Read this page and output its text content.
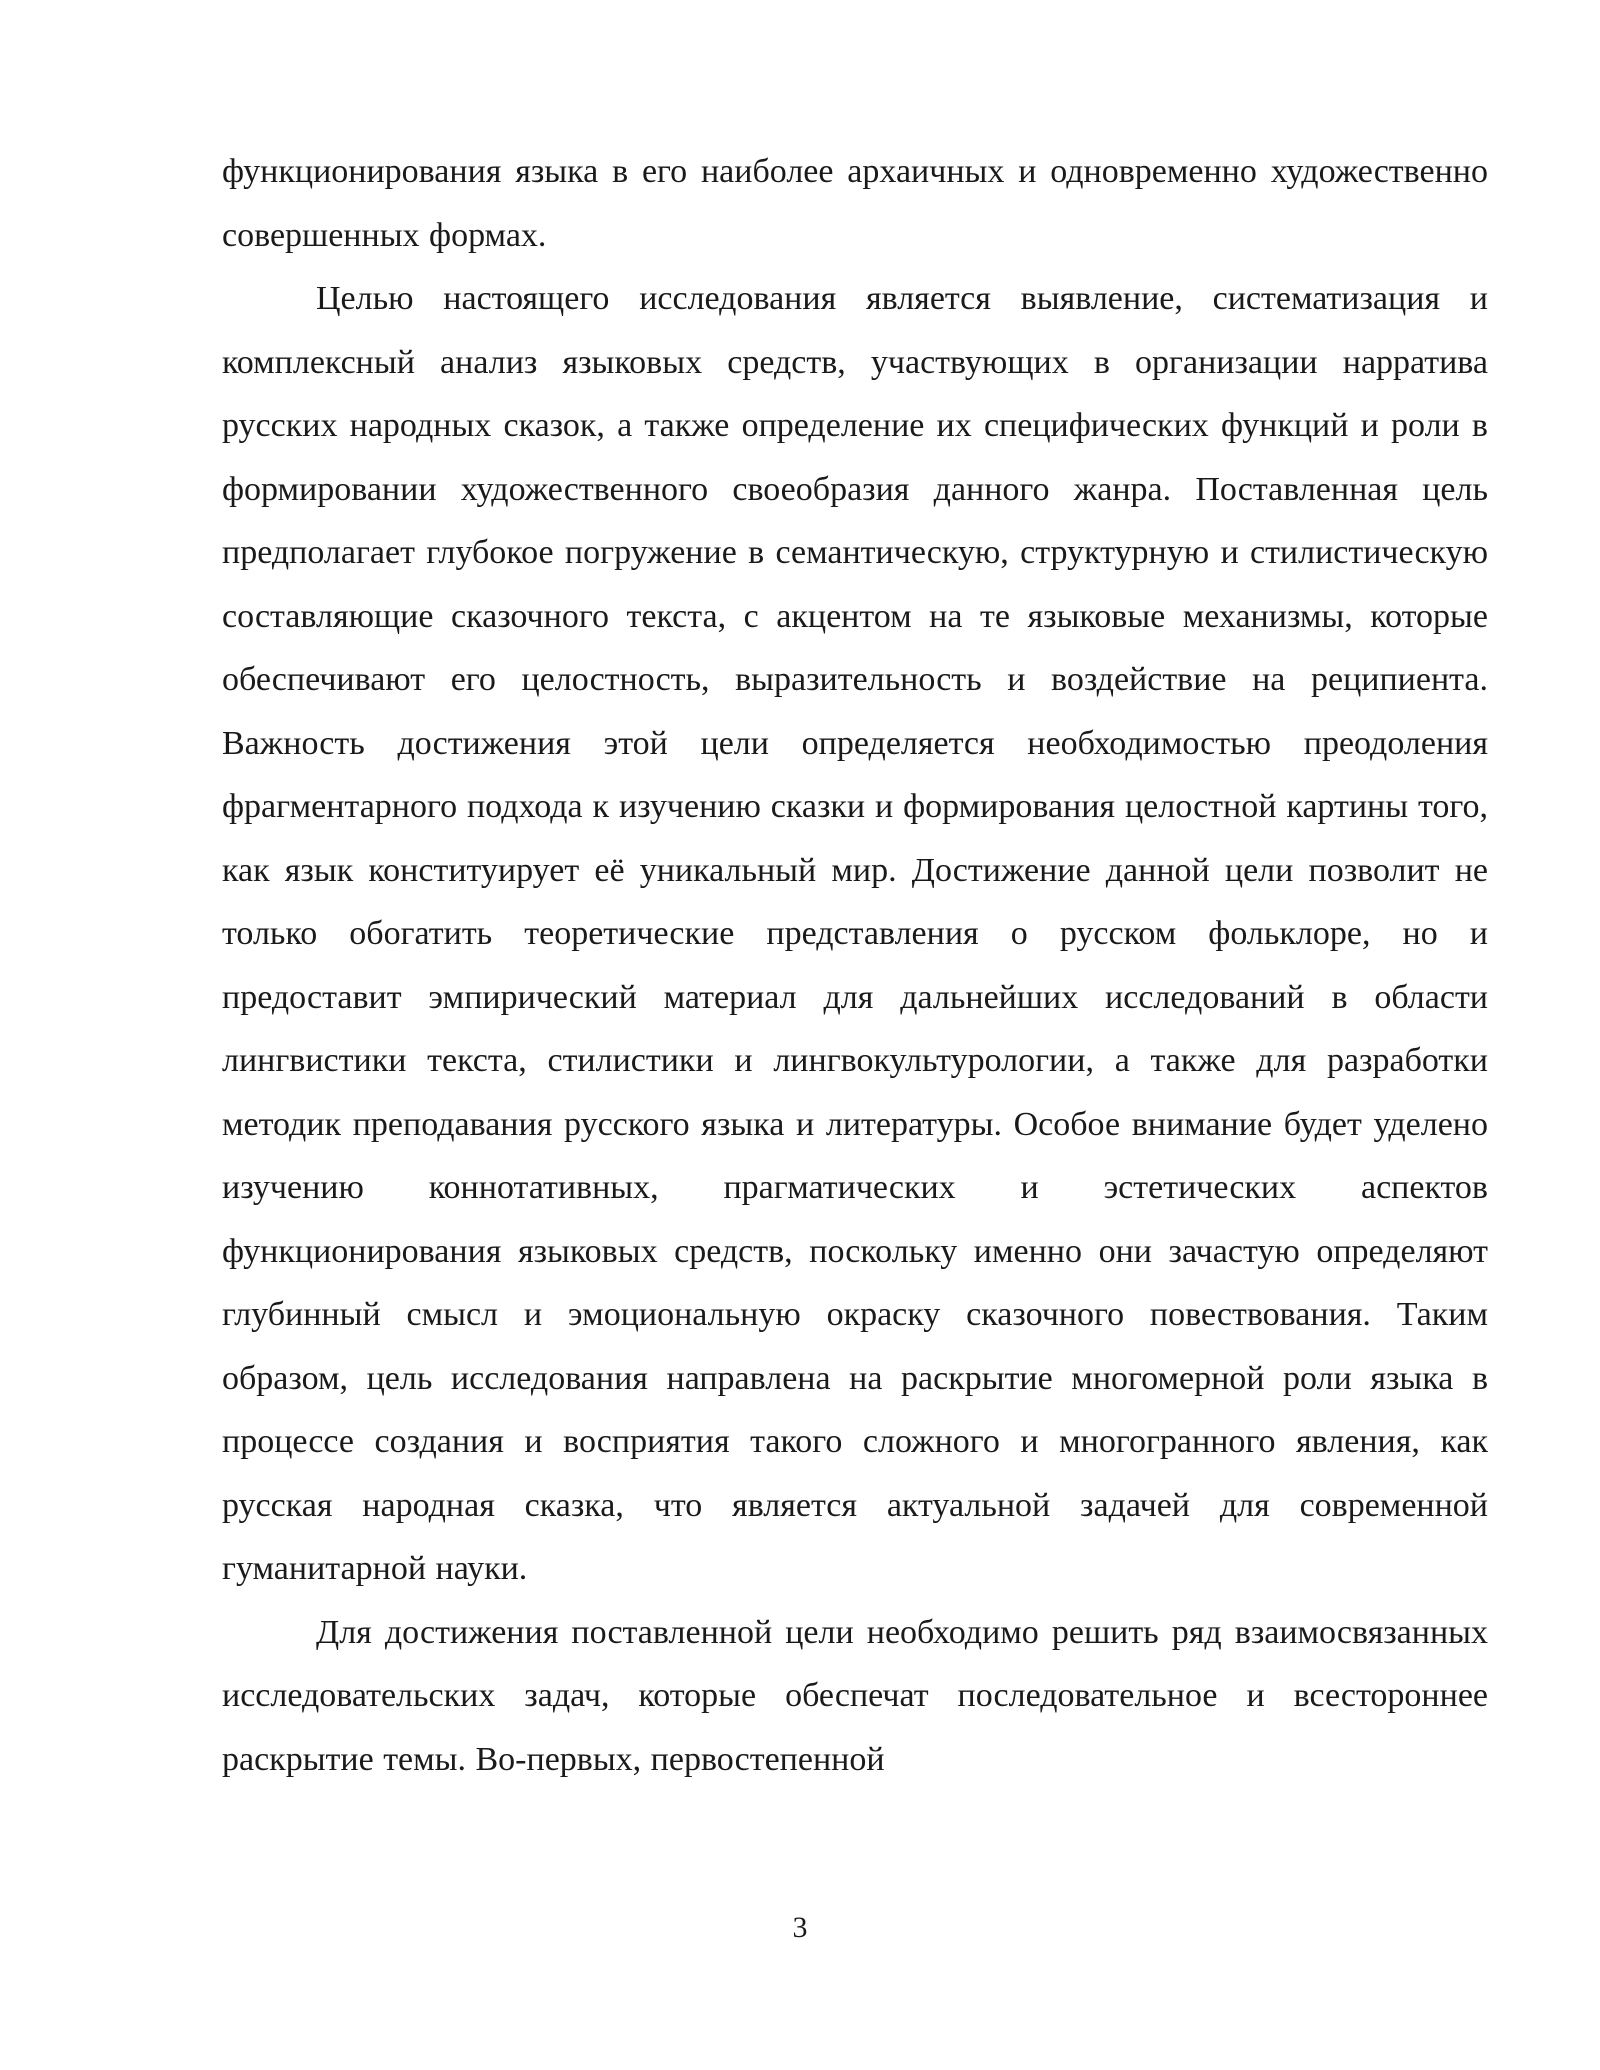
функционирования языка в его наиболее архаичных и одновременно художественно совершенных формах.

Целью настоящего исследования является выявление, систематизация и комплексный анализ языковых средств, участвующих в организации нарратива русских народных сказок, а также определение их специфических функций и роли в формировании художественного своеобразия данного жанра. Поставленная цель предполагает глубокое погружение в семантическую, структурную и стилистическую составляющие сказочного текста, с акцентом на те языковые механизмы, которые обеспечивают его целостность, выразительность и воздействие на реципиента. Важность достижения этой цели определяется необходимостью преодоления фрагментарного подхода к изучению сказки и формирования целостной картины того, как язык конституирует её уникальный мир. Достижение данной цели позволит не только обогатить теоретические представления о русском фольклоре, но и предоставит эмпирический материал для дальнейших исследований в области лингвистики текста, стилистики и лингвокультурологии, а также для разработки методик преподавания русского языка и литературы. Особое внимание будет уделено изучению коннотативных, прагматических и эстетических аспектов функционирования языковых средств, поскольку именно они зачастую определяют глубинный смысл и эмоциональную окраску сказочного повествования. Таким образом, цель исследования направлена на раскрытие многомерной роли языка в процессе создания и восприятия такого сложного и многогранного явления, как русская народная сказка, что является актуальной задачей для современной гуманитарной науки.

Для достижения поставленной цели необходимо решить ряд взаимосвязанных исследовательских задач, которые обеспечат последовательное и всестороннее раскрытие темы. Во-первых, первостепенной

3
